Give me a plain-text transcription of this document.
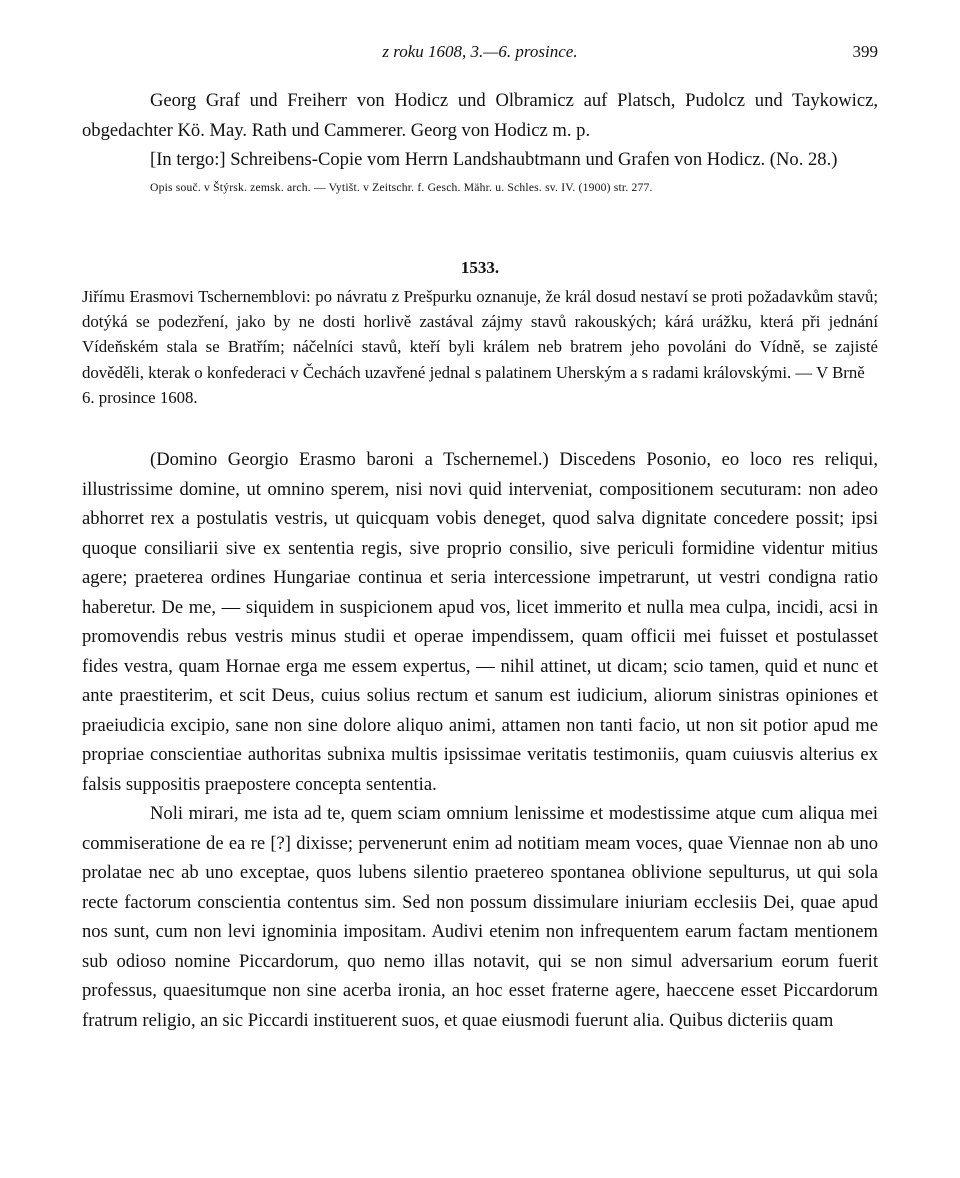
z roku 1608, 3.—6. prosince.	399

Georg Graf und Freiherr von Hodicz und Olbramicz auf Platsch, Pudolcz und Taykowicz, obgedachter Kö. May. Rath und Cammerer. Georg von Hodicz m. p.

[In tergo:] Schreibens-Copie vom Herrn Landshaubtmann und Grafen von Hodicz. (No. 28.)

Opis souč. v Štýrsk. zemsk. arch. — Vytišt. v Zeitschr. f. Gesch. Mähr. u. Schles. sv. IV. (1900) str. 277.

1533.

Jiřímu Erasmovi Tschernemblovi: po návratu z Prešpurku oznanuje, že král dosud nestaví se proti požadavkům stavů; dotýká se podezření, jako by ne dosti horlivě zastával zájmy stavů rakouských; kárá urážku, která při jednání Vídeňském stala se Bratřím; náčelníci stavů, kteří byli králem neb bratrem jeho povoláni do Vídně, se zajisté dověděli, kterak o konfederaci v Čechách uzavřené jednal s palatinem Uherským a s radami královskými. — V Brně

6. prosince 1608.

(Domino Georgio Erasmo baroni a Tschernemel.) Discedens Posonio, eo loco res reliqui, illustrissime domine, ut omnino sperem, nisi novi quid interveniat, compositionem secuturam: non adeo abhorret rex a postulatis vestris, ut quicquam vobis deneget, quod salva dignitate concedere possit; ipsi quoque consiliarii sive ex sententia regis, sive proprio consilio, sive periculi formidine videntur mitius agere; praeterea ordines Hungariae continua et seria intercessione impetrarunt, ut vestri condigna ratio haberetur. De me, — siquidem in suspicionem apud vos, licet immerito et nulla mea culpa, incidi, acsi in promovendis rebus vestris minus studii et operae impendissem, quam officii mei fuisset et postulasset fides vestra, quam Hornae erga me essem expertus, — nihil attinet, ut dicam; scio tamen, quid et nunc et ante praestiterim, et scit Deus, cuius solius rectum et sanum est iudicium, aliorum sinistras opiniones et praeiudicia excipio, sane non sine dolore aliquo animi, attamen non tanti facio, ut non sit potior apud me propriae conscientiae authoritas subnixa multis ipsissimae veritatis testimoniis, quam cuiusvis alterius ex falsis suppositis praepostere concepta sententia.

Noli mirari, me ista ad te, quem sciam omnium lenissime et modestissime atque cum aliqua mei commiseratione de ea re [?] dixisse; pervenerunt enim ad notitiam meam voces, quae Viennae non ab uno prolatae nec ab uno exceptae, quos lubens silentio praetereo spontanea oblivione sepulturus, ut qui sola recte factorum conscientia contentus sim. Sed non possum dissimulare iniuriam ecclesiis Dei, quae apud nos sunt, cum non levi ignominia impositam. Audivi etenim non infrequentem earum factam mentionem sub odioso nomine Piccardorum, quo nemo illas notavit, qui se non simul adversarium eorum fuerit professus, quaesitumque non sine acerba ironia, an hoc esset fraterne agere, haeccene esset Piccardorum fratrum religio, an sic Piccardi instituerent suos, et quae eiusmodi fuerunt alia. Quibus dicteriis quam
